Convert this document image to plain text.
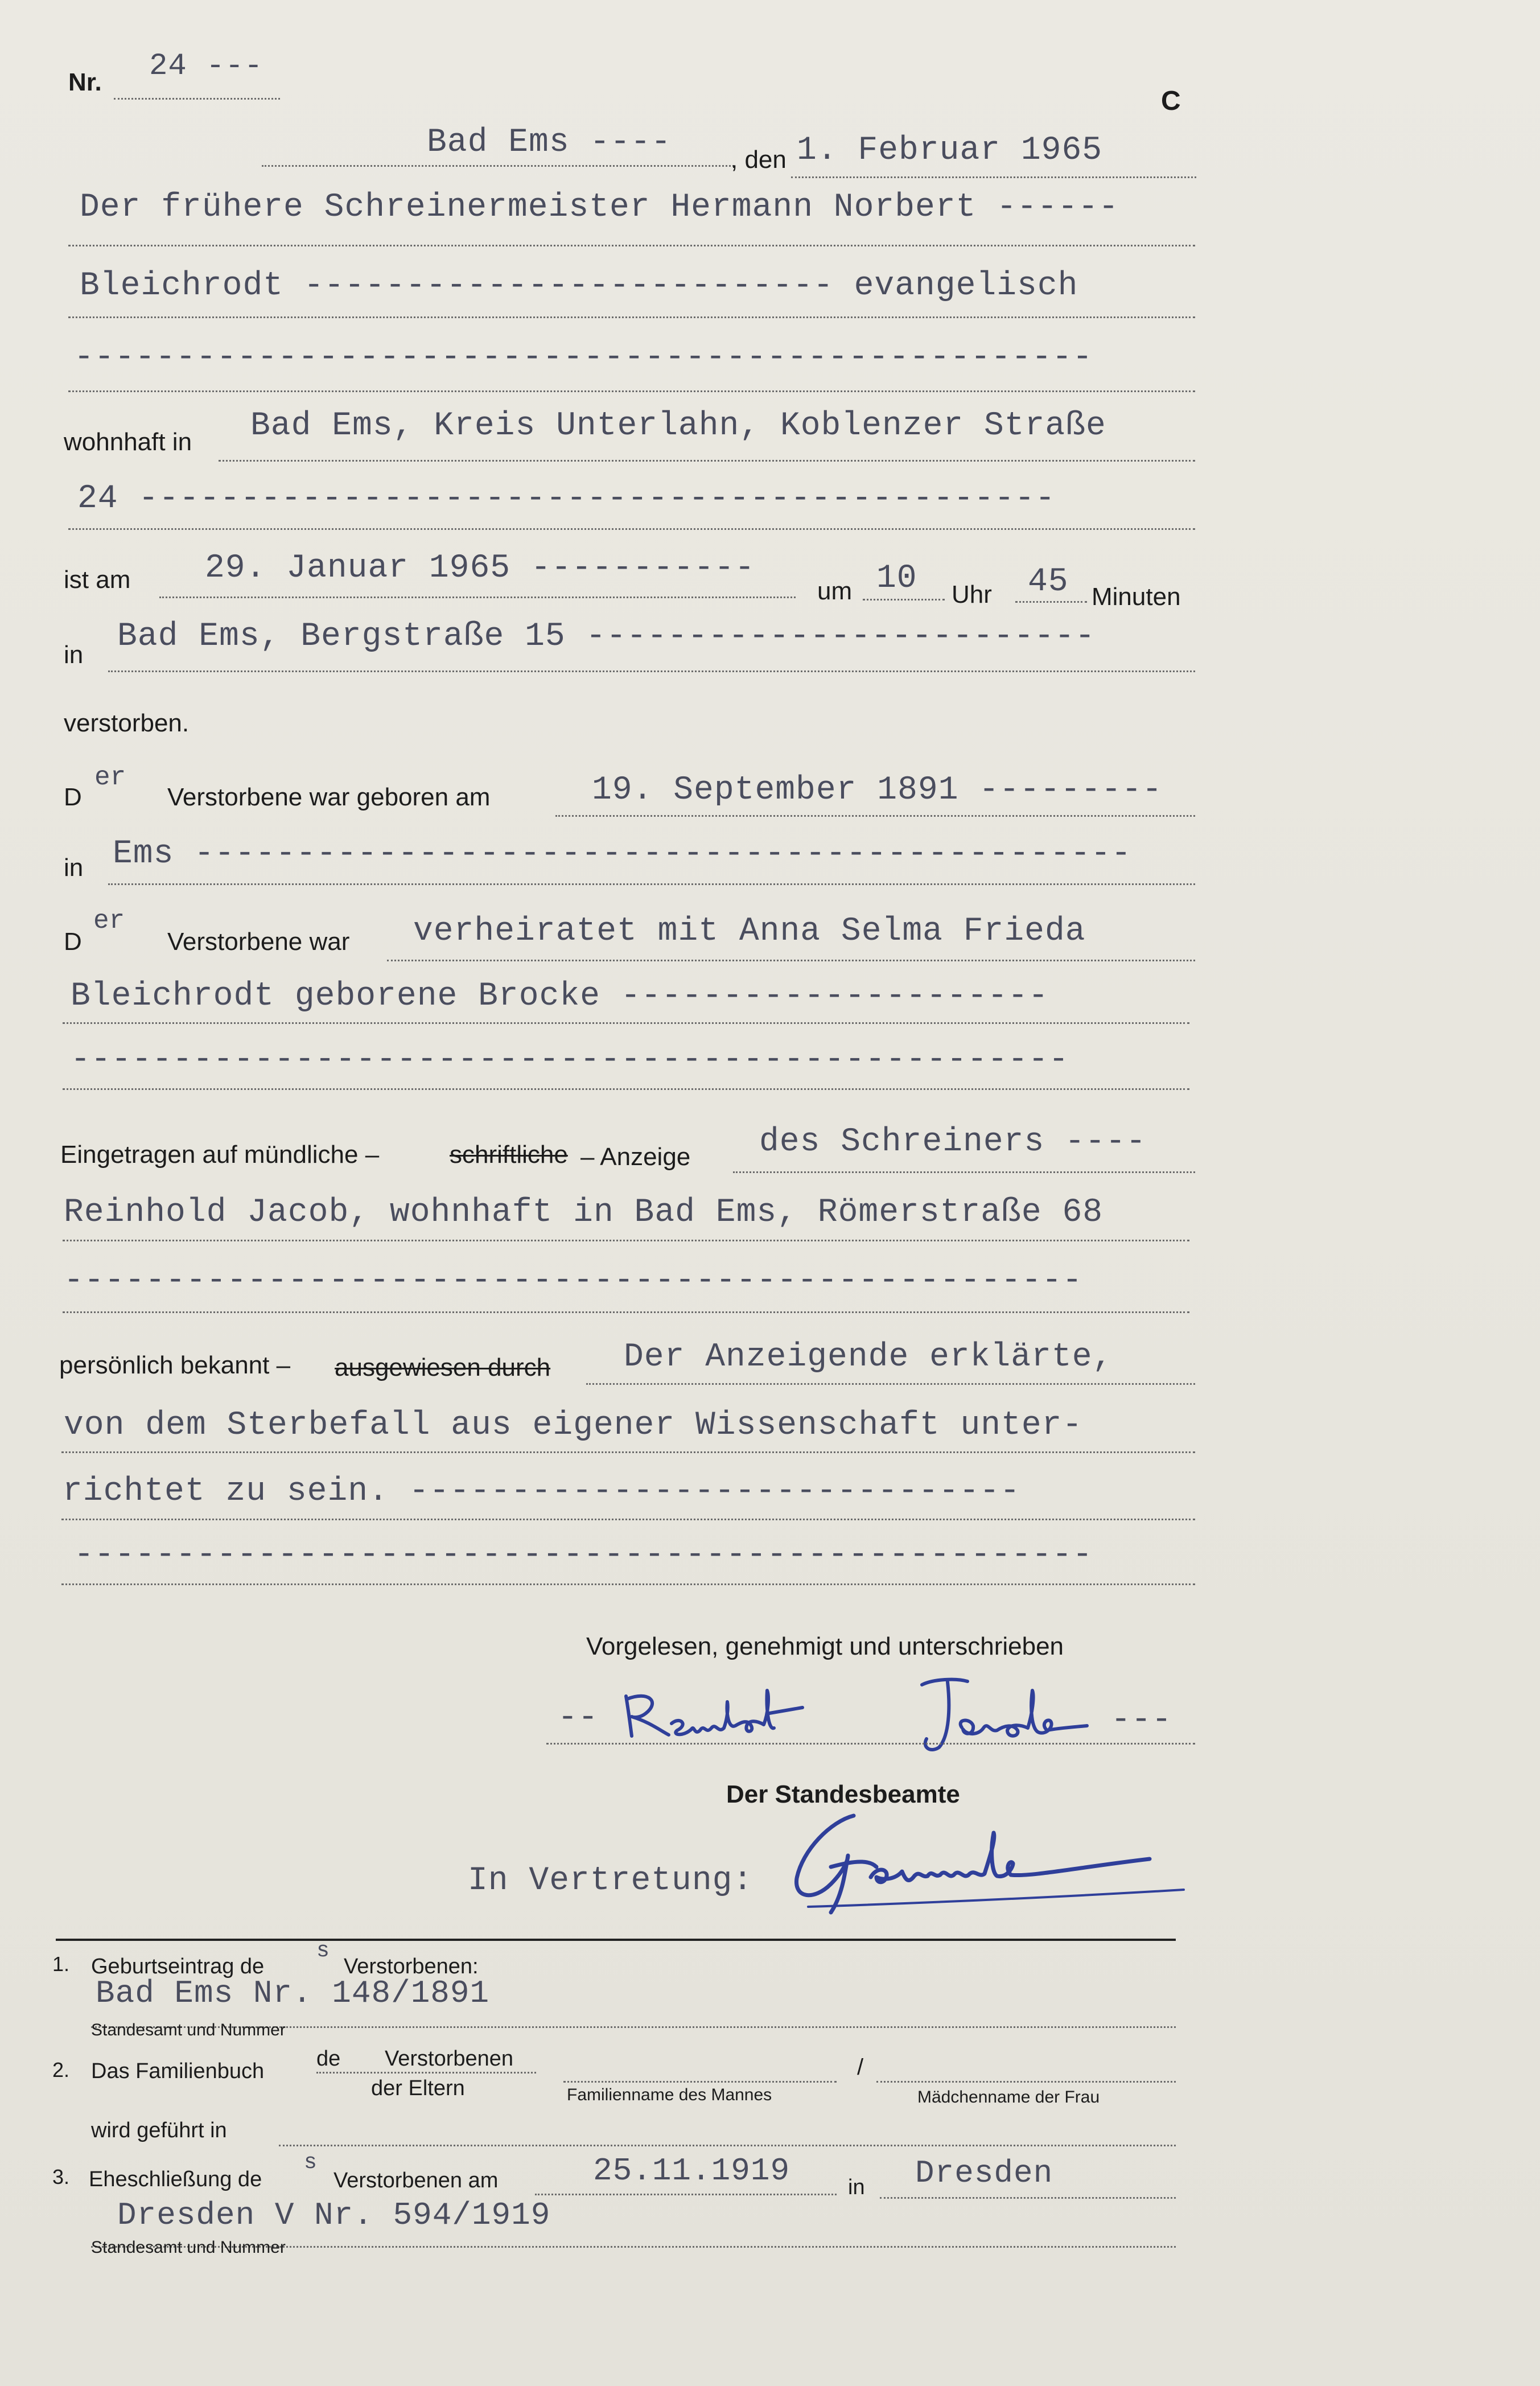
Nr. 24 ---
C
Bad Ems ---- , den 1. Februar 1965
Der frühere Schreinermeister Hermann Norbert ------
Bleichrodt -------------------------- evangelisch
--------------------------------------------------
wohnhaft in Bad Ems, Kreis Unterlahn, Koblenzer Straße
24 ---------------------------------------------
ist am 29. Januar 1965 -----------
um 10 Uhr 45 Minuten
in Bad Ems, Bergstraße 15 -------------------------
verstorben.
D
er
Verstorbene war geboren am	19. September 1891 ---------
in Ems ----------------------------------------------
D
er
Verstorbene war verheiratet mit Anna Selma Frieda
Bleichrodt geborene Brocke ---------------------
-------------------------------------------------
Eingetragen auf mündliche –	schriftliche – Anzeige des Schreiners ----
Reinhold Jacob, wohnhaft in Bad Ems, Römerstraße 68
--------------------------------------------------
persönlich bekannt – ausgewiesen durch Der Anzeigende erklärte,
von dem Sterbefall aus eigener Wissenschaft unter-
richtet zu sein. ------------------------------
--------------------------------------------------
Vorgelesen, genehmigt und unterschrieben
--	---
Der Standesbeamte
In Vertretung:
1. Geburtseintrag de
s
Verstorbenen:
Bad Ems Nr. 148/1891
Standesamt und Nummer
2. Das Familienbuch
de Verstorbenen
der Eltern	Familienname des Mannes
/
Mädchenname der Frau
wird geführt in
3. Eheschließung de
s
Verstorbenen am	25.11.1919	in Dresden
Dresden V Nr. 594/1919
Standesamt und Nummer
